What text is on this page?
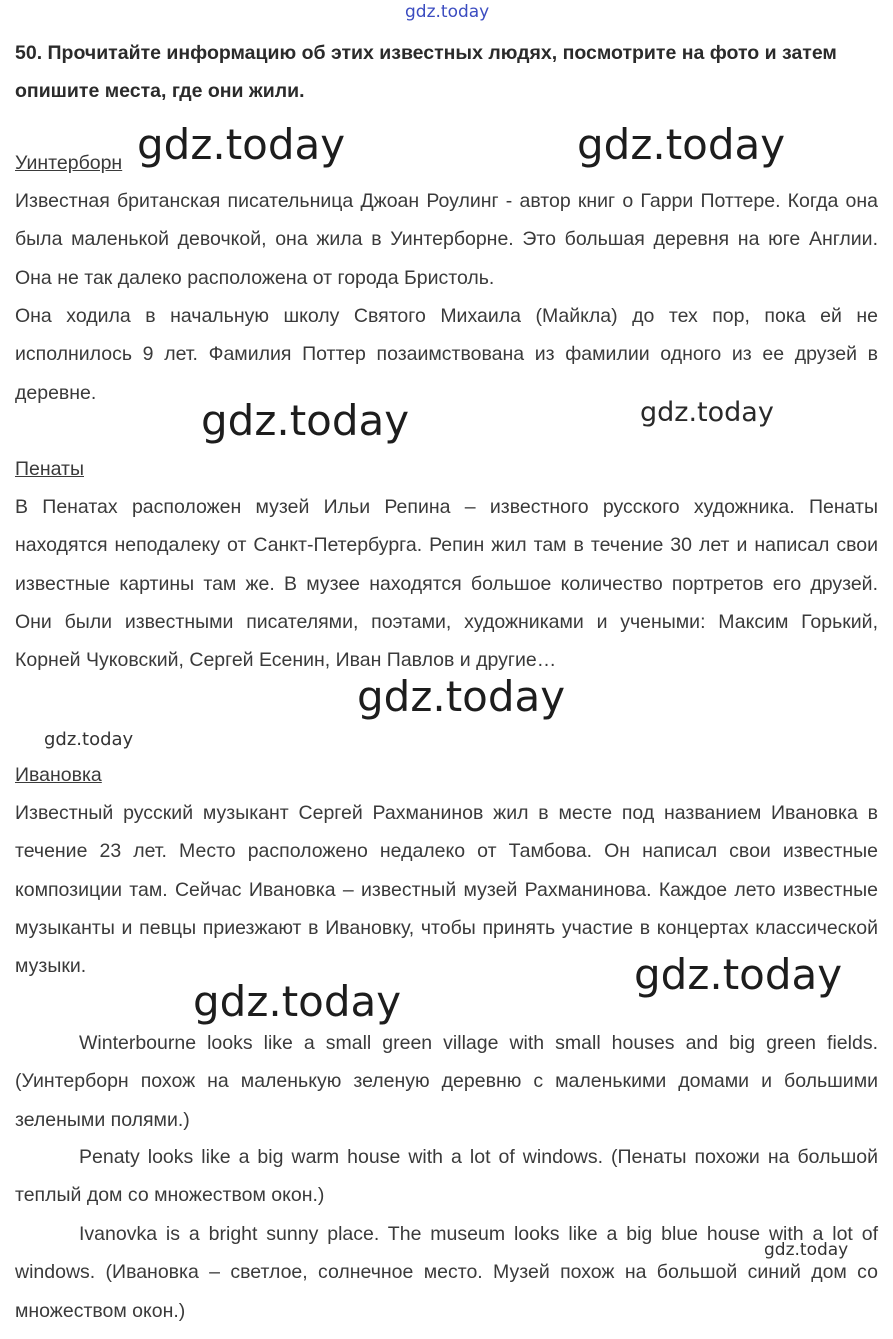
gdz.today
gdz.today	gdz.today
gdz.today	gdz.today
gdz.today
gdz.today
gdz.today
gdz.today
gdz.today
50. Прочитайте информацию об этих известных людях, посмотрите на фото и затем опишите места, где они жили.
Уинтерборн
Известная британская писательница Джоан Роулинг - автор книг о Гарри Поттере. Когда она была маленькой девочкой, она жила в Уинтерборне. Это большая деревня на юге Англии. Она не так далеко расположена от города Бристоль.
Она ходила в начальную школу Святого Михаила (Майкла) до тех пор, пока ей не исполнилось 9 лет. Фамилия Поттер позаимствована из фамилии одного из ее друзей в деревне.
Пенаты
В Пенатах расположен музей Ильи Репина – известного русского художника. Пенаты находятся неподалеку от Санкт-Петербурга. Репин жил там в течение 30 лет и написал свои известные картины там же. В музее находятся большое количество портретов его друзей. Они были известными писателями, поэтами, художниками и учеными: Максим Горький, Корней Чуковский, Сергей Есенин, Иван Павлов и другие…
Ивановка
Известный русский музыкант Сергей Рахманинов жил в месте под названием Ивановка в течение 23 лет. Место расположено недалеко от Тамбова. Он написал свои известные композиции там. Сейчас Ивановка – известный музей Рахманинова. Каждое лето известные музыканты и певцы приезжают в Ивановку, чтобы принять участие в концертах классической музыки.
Winterbourne looks like a small green village with small houses and big green fields. (Уинтерборн похож на маленькую зеленую деревню с маленькими домами и большими зелеными полями.)
Penaty looks like a big warm house with a lot of windows. (Пенаты похожи на большой теплый дом со множеством окон.)
Ivanovka is a bright sunny place. The museum looks like a big blue house with a lot of windows. (Ивановка – светлое, солнечное место. Музей похож на большой синий дом со множеством окон.)
